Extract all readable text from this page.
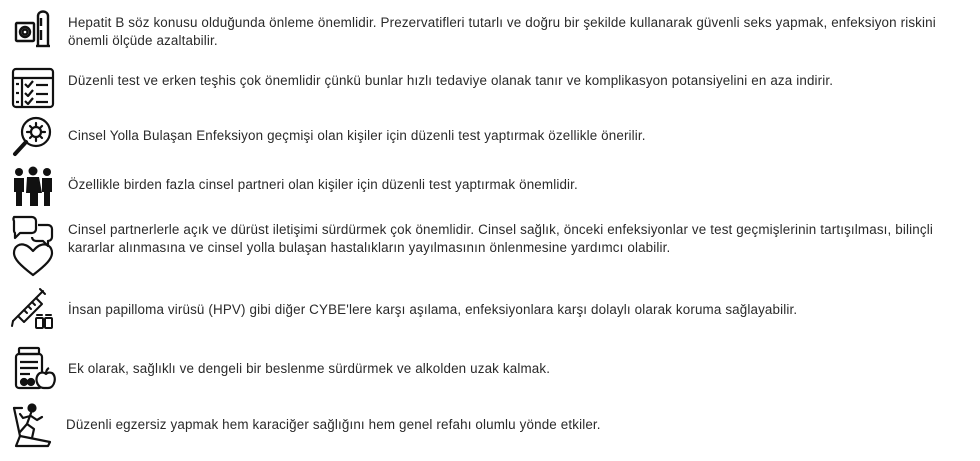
Hepatit B söz konusu olduğunda önleme önemlidir. Prezervatifleri tutarlı ve doğru bir şekilde kullanarak güvenli seks yapmak, enfeksiyon riskini önemli ölçüde azaltabilir.
Düzenli test ve erken teşhis çok önemlidir çünkü bunlar hızlı tedaviye olanak tanır ve komplikasyon potansiyelini en aza indirir.
Cinsel Yolla Bulaşan Enfeksiyon geçmişi olan kişiler için düzenli test yaptırmak özellikle önerilir.
Özellikle birden fazla cinsel partneri olan kişiler için düzenli test yaptırmak önemlidir.
Cinsel partnerlerle açık ve dürüst iletişimi sürdürmek çok önemlidir. Cinsel sağlık, önceki enfeksiyonlar ve test geçmişlerinin tartışılması, bilinçli kararlar alınmasına ve cinsel yolla bulaşan hastalıkların yayılmasının önlenmesine yardımcı olabilir.
İnsan papilloma virüsü (HPV) gibi diğer CYBE'lere karşı aşılama, enfeksiyonlara karşı dolaylı olarak koruma sağlayabilir.
Ek olarak, sağlıklı ve dengeli bir beslenme sürdürmek ve alkolden uzak kalmak.
Düzenli egzersiz yapmak hem karaciğer sağlığını hem genel refahı olumlu yönde etkiler.
